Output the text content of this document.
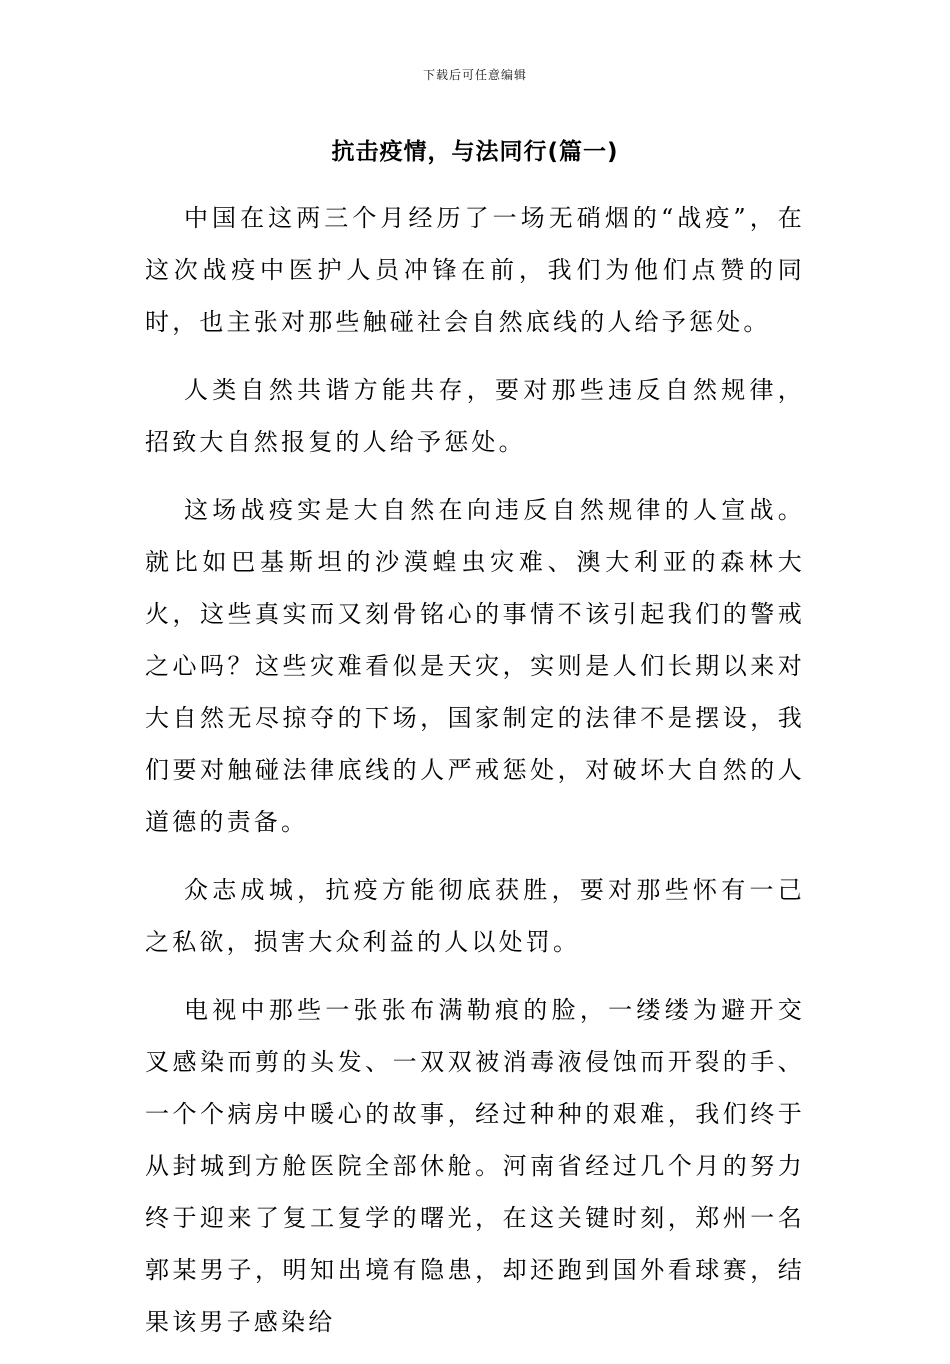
下载后可任意编辑
抗击疫情，与法同行(篇一)

中国在这两三个月经历了一场无硝烟的“战疫”，在这次战疫中医护人员冲锋在前，我们为他们点赞的同时，也主张对那些触碰社会自然底线的人给予惩处。

人类自然共谐方能共存，要对那些违反自然规律，招致大自然报复的人给予惩处。

这场战疫实是大自然在向违反自然规律的人宣战。就比如巴基斯坦的沙漠蝗虫灾难、澳大利亚的森林大火，这些真实而又刻骨铭心的事情不该引起我们的警戒之心吗？这些灾难看似是天灾，实则是人们长期以来对大自然无尽掠夺的下场，国家制定的法律不是摆设，我们要对触碰法律底线的人严戒惩处，对破坏大自然的人道德的责备。

众志成城，抗疫方能彻底获胜，要对那些怀有一己之私欲，损害大众利益的人以处罚。

电视中那些一张张布满勒痕的脸，一缕缕为避开交叉感染而剪的头发、一双双被消毒液侵蚀而开裂的手、一个个病房中暖心的故事，经过种种的艰难，我们终于从封城到方舱医院全部休舱。河南省经过几个月的努力终于迎来了复工复学的曙光，在这关键时刻，郑州一名郭某男子，明知出境有隐患，却还跑到国外看球赛，结果该男子感染给
